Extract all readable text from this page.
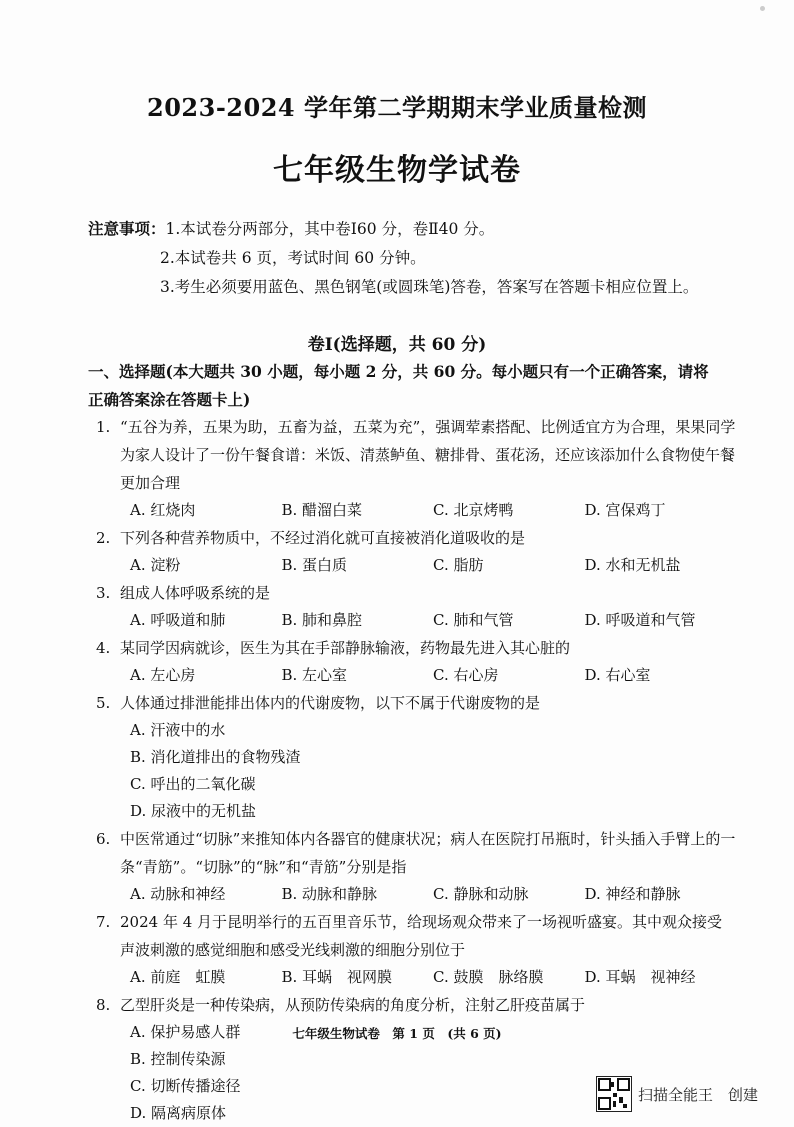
2023-2024 学年第二学期期末学业质量检测
七年级生物学试卷
注意事项：1.本试卷分两部分，其中卷Ⅰ60 分，卷Ⅱ40 分。
2.本试卷共 6 页，考试时间 60 分钟。
3.考生必须要用蓝色、黑色钢笔(或圆珠笔)答卷，答案写在答题卡相应位置上。
卷Ⅰ(选择题，共 60 分)
一、选择题(本大题共 30 小题，每小题 2 分，共 60 分。每小题只有一个正确答案，请将正确答案涂在答题卡上)
1. “五谷为养，五果为助，五畜为益，五菜为充”，强调荤素搭配、比例适宜方为合理，果果同学为家人设计了一份午餐食谱：米饭、清蒸鲈鱼、糖排骨、蛋花汤，还应该添加什么食物使午餐更加合理
A. 红烧肉	B. 醋溜白菜	C. 北京烤鸭	D. 宫保鸡丁
2. 下列各种营养物质中，不经过消化就可直接被消化道吸收的是
A. 淀粉	B. 蛋白质	C. 脂肪	D. 水和无机盐
3. 组成人体呼吸系统的是
A. 呼吸道和肺	B. 肺和鼻腔	C. 肺和气管	D. 呼吸道和气管
4. 某同学因病就诊，医生为其在手部静脉输液，药物最先进入其心脏的
A. 左心房	B. 左心室	C. 右心房	D. 右心室
5. 人体通过排泄能排出体内的代谢废物，以下不属于代谢废物的是
A. 汗液中的水
B. 消化道排出的食物残渣
C. 呼出的二氧化碳
D. 尿液中的无机盐
6. 中医常通过“切脉”来推知体内各器官的健康状况；病人在医院打吊瓶时，针头插入手臂上的一条“青筋”。“切脉”的“脉”和“青筋”分别是指
A. 动脉和神经	B. 动脉和静脉	C. 静脉和动脉	D. 神经和静脉
7. 2024 年 4 月于昆明举行的五百里音乐节，给现场观众带来了一场视听盛宴。其中观众接受声波刺激的感觉细胞和感受光线刺激的细胞分别位于
A. 前庭　虹膜	B. 耳蜗　视网膜	C. 鼓膜　脉络膜	D. 耳蜗　视神经
8. 乙型肝炎是一种传染病，从预防传染病的角度分析，注射乙肝疫苗属于
A. 保护易感人群
B. 控制传染源
C. 切断传播途径
D. 隔离病原体
七年级生物试卷　第 1 页　(共 6 页)
扫描全能王　创建
